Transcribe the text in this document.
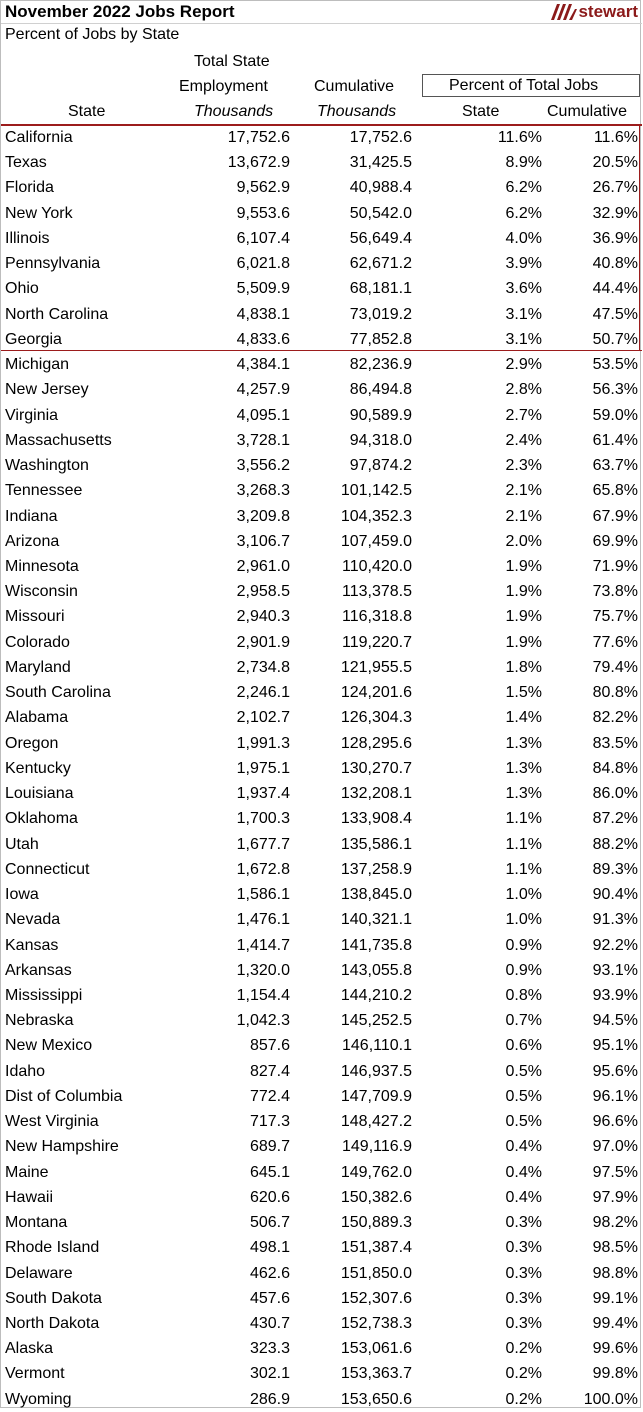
November 2022 Jobs Report	stewart
Percent of Jobs by State
Total State
Employment	Cumulative	Percent of Total Jobs
State	Thousands	Thousands	State	Cumulative
California	17,752.6	17,752.6	11.6%	11.6%
Texas	13,672.9	31,425.5	8.9%	20.5%
Florida	9,562.9	40,988.4	6.2%	26.7%
New York	9,553.6	50,542.0	6.2%	32.9%
Illinois	6,107.4	56,649.4	4.0%	36.9%
Pennsylvania	6,021.8	62,671.2	3.9%	40.8%
Ohio	5,509.9	68,181.1	3.6%	44.4%
North Carolina	4,838.1	73,019.2	3.1%	47.5%
Georgia	4,833.6	77,852.8	3.1%	50.7%
Michigan	4,384.1	82,236.9	2.9%	53.5%
New Jersey	4,257.9	86,494.8	2.8%	56.3%
Virginia	4,095.1	90,589.9	2.7%	59.0%
Massachusetts	3,728.1	94,318.0	2.4%	61.4%
Washington	3,556.2	97,874.2	2.3%	63.7%
Tennessee	3,268.3	101,142.5	2.1%	65.8%
Indiana	3,209.8	104,352.3	2.1%	67.9%
Arizona	3,106.7	107,459.0	2.0%	69.9%
Minnesota	2,961.0	110,420.0	1.9%	71.9%
Wisconsin	2,958.5	113,378.5	1.9%	73.8%
Missouri	2,940.3	116,318.8	1.9%	75.7%
Colorado	2,901.9	119,220.7	1.9%	77.6%
Maryland	2,734.8	121,955.5	1.8%	79.4%
South Carolina	2,246.1	124,201.6	1.5%	80.8%
Alabama	2,102.7	126,304.3	1.4%	82.2%
Oregon	1,991.3	128,295.6	1.3%	83.5%
Kentucky	1,975.1	130,270.7	1.3%	84.8%
Louisiana	1,937.4	132,208.1	1.3%	86.0%
Oklahoma	1,700.3	133,908.4	1.1%	87.2%
Utah	1,677.7	135,586.1	1.1%	88.2%
Connecticut	1,672.8	137,258.9	1.1%	89.3%
Iowa	1,586.1	138,845.0	1.0%	90.4%
Nevada	1,476.1	140,321.1	1.0%	91.3%
Kansas	1,414.7	141,735.8	0.9%	92.2%
Arkansas	1,320.0	143,055.8	0.9%	93.1%
Mississippi	1,154.4	144,210.2	0.8%	93.9%
Nebraska	1,042.3	145,252.5	0.7%	94.5%
New Mexico	857.6	146,110.1	0.6%	95.1%
Idaho	827.4	146,937.5	0.5%	95.6%
Dist of Columbia	772.4	147,709.9	0.5%	96.1%
West Virginia	717.3	148,427.2	0.5%	96.6%
New Hampshire	689.7	149,116.9	0.4%	97.0%
Maine	645.1	149,762.0	0.4%	97.5%
Hawaii	620.6	150,382.6	0.4%	97.9%
Montana	506.7	150,889.3	0.3%	98.2%
Rhode Island	498.1	151,387.4	0.3%	98.5%
Delaware	462.6	151,850.0	0.3%	98.8%
South Dakota	457.6	152,307.6	0.3%	99.1%
North Dakota	430.7	152,738.3	0.3%	99.4%
Alaska	323.3	153,061.6	0.2%	99.6%
Vermont	302.1	153,363.7	0.2%	99.8%
Wyoming	286.9	153,650.6	0.2%	100.0%
